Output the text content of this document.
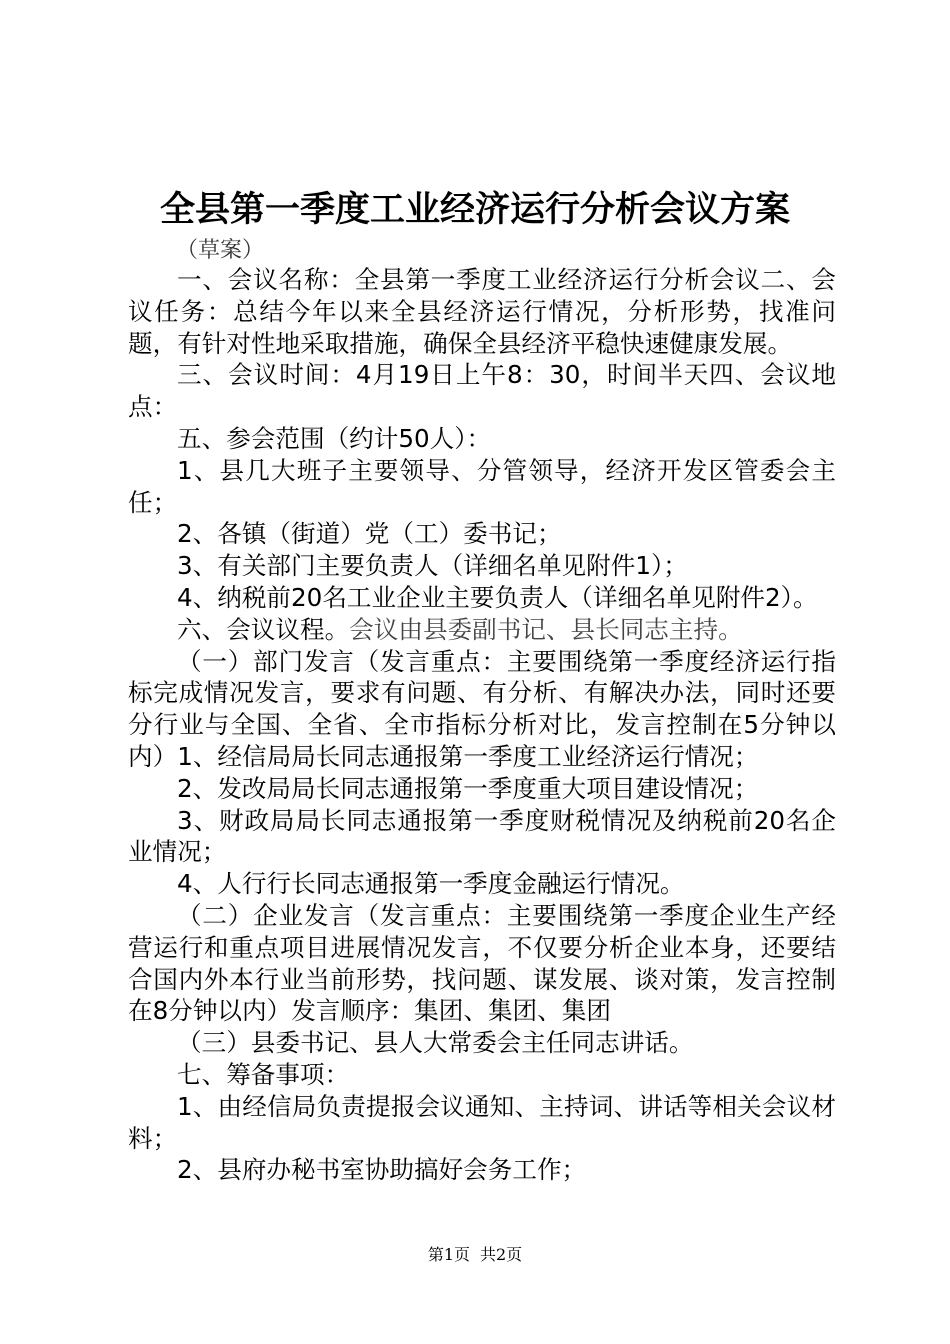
全县第一季度工业经济运行分析会议方案
（草案）

一、会议名称：全县第一季度工业经济运行分析会议二、会议任务：总结今年以来全县经济运行情况，分析形势，找准问题，有针对性地采取措施，确保全县经济平稳快速健康发展。

三、会议时间：4月19日上午8：30，时间半天四、会议地点：

五、参会范围（约计50人）：

1、县几大班子主要领导、分管领导，经济开发区管委会主任；

2、各镇（街道）党（工）委书记；

3、有关部门主要负责人（详细名单见附件1）；

4、纳税前20名工业企业主要负责人（详细名单见附件2）。

六、会议议程。会议由县委副书记、县长同志主持。

（一）部门发言（发言重点：主要围绕第一季度经济运行指标完成情况发言，要求有问题、有分析、有解决办法，同时还要分行业与全国、全省、全市指标分析对比，发言控制在5分钟以内）1、经信局局长同志通报第一季度工业经济运行情况；

2、发改局局长同志通报第一季度重大项目建设情况；

3、财政局局长同志通报第一季度财税情况及纳税前20名企业情况；

4、人行行长同志通报第一季度金融运行情况。

（二）企业发言（发言重点：主要围绕第一季度企业生产经营运行和重点项目进展情况发言，不仅要分析企业本身，还要结合国内外本行业当前形势，找问题、谋发展、谈对策，发言控制在8分钟以内）发言顺序：集团、集团、集团

（三）县委书记、县人大常委会主任同志讲话。

七、筹备事项：

1、由经信局负责提报会议通知、主持词、讲话等相关会议材料；

2、县府办秘书室协助搞好会务工作；

第1页 共2页
